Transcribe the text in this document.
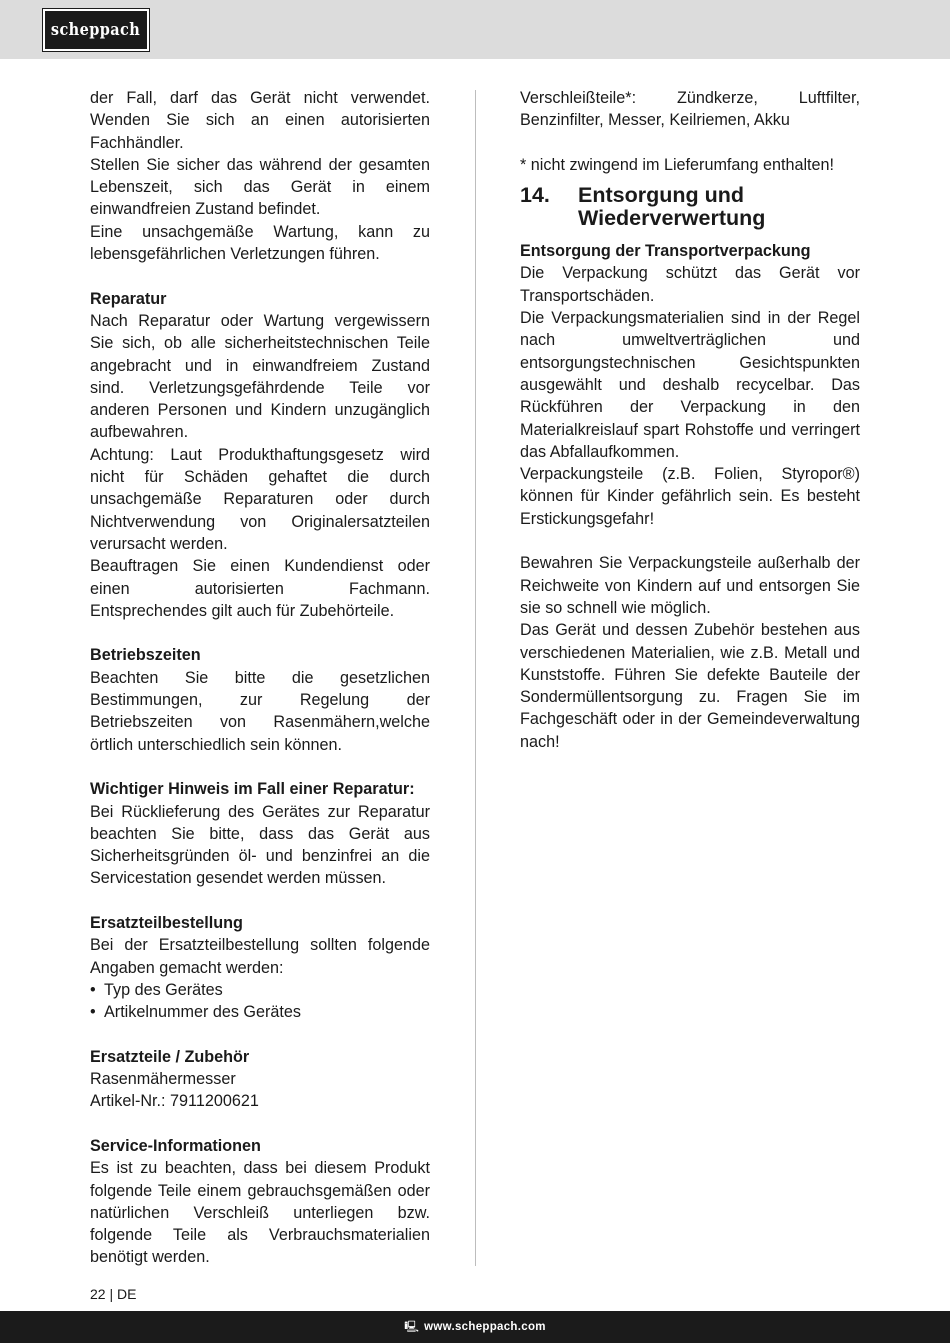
scheppach

der Fall, darf das Gerät nicht verwendet. Wenden Sie sich an einen autorisierten Fachhändler.

Stellen Sie sicher das während der gesamten Lebenszeit, sich das Gerät in einem einwandfreien Zustand befindet.

Eine unsachgemäße Wartung, kann zu lebensgefährlichen Verletzungen führen.

Reparatur

Nach Reparatur oder Wartung vergewissern Sie sich, ob alle sicherheitstechnischen Teile angebracht und in einwandfreiem Zustand sind. Verletzungsgefährdende Teile vor anderen Personen und Kindern unzugänglich aufbewahren.

Achtung: Laut Produkthaftungsgesetz wird nicht für Schäden gehaftet die durch unsachgemäße Reparaturen oder durch Nichtverwendung von Originalersatzteilen verursacht werden.

Beauftragen Sie einen Kundendienst oder einen autorisierten Fachmann. Entsprechendes gilt auch für Zubehörteile.

Betriebszeiten

Beachten Sie bitte die gesetzlichen Bestimmungen, zur Regelung der Betriebszeiten von Rasenmähern,welche örtlich unterschiedlich sein können.

Wichtiger Hinweis im Fall einer Reparatur:

Bei Rücklieferung des Gerätes zur Reparatur beachten Sie bitte, dass das Gerät aus Sicherheitsgründen öl- und benzinfrei an die Servicestation gesendet werden müssen.

Ersatzteilbestellung

Bei der Ersatzteilbestellung sollten folgende Angaben gemacht werden:

• Typ des Gerätes
• Artikelnummer des Gerätes
Ersatzteile / Zubehör

Rasenmähermesser

Artikel-Nr.: 7911200621

Service-Informationen

Es ist zu beachten, dass bei diesem Produkt folgende Teile einem gebrauchsgemäßen oder natürlichen Verschleiß unterliegen bzw. folgende Teile als Verbrauchsmaterialien benötigt werden.

Verschleißteile*: Zündkerze, Luftfilter, Benzinfilter, Messer, Keilriemen, Akku

* nicht zwingend im Lieferumfang enthalten!

14.	Entsorgung und Wiederverwertung
Entsorgung der Transportverpackung

Die Verpackung schützt das Gerät vor Transportschäden.

Die Verpackungsmaterialien sind in der Regel nach umweltverträglichen und entsorgungstechnischen Gesichtspunkten ausgewählt und deshalb recycelbar. Das Rückführen der Verpackung in den Materialkreislauf spart Rohstoffe und verringert das Abfallaufkommen.

Verpackungsteile (z.B. Folien, Styropor®) können für Kinder gefährlich sein. Es besteht Erstickungsgefahr!

Bewahren Sie Verpackungsteile außerhalb der Reichweite von Kindern auf und entsorgen Sie sie so schnell wie möglich.

Das Gerät und dessen Zubehör bestehen aus verschiedenen Materialien, wie z.B. Metall und Kunststoffe. Führen Sie defekte Bauteile der Sondermüllentsorgung zu. Fragen Sie im Fachgeschäft oder in der Gemeindeverwaltung nach!

22 | DE
🖳 www.scheppach.com
